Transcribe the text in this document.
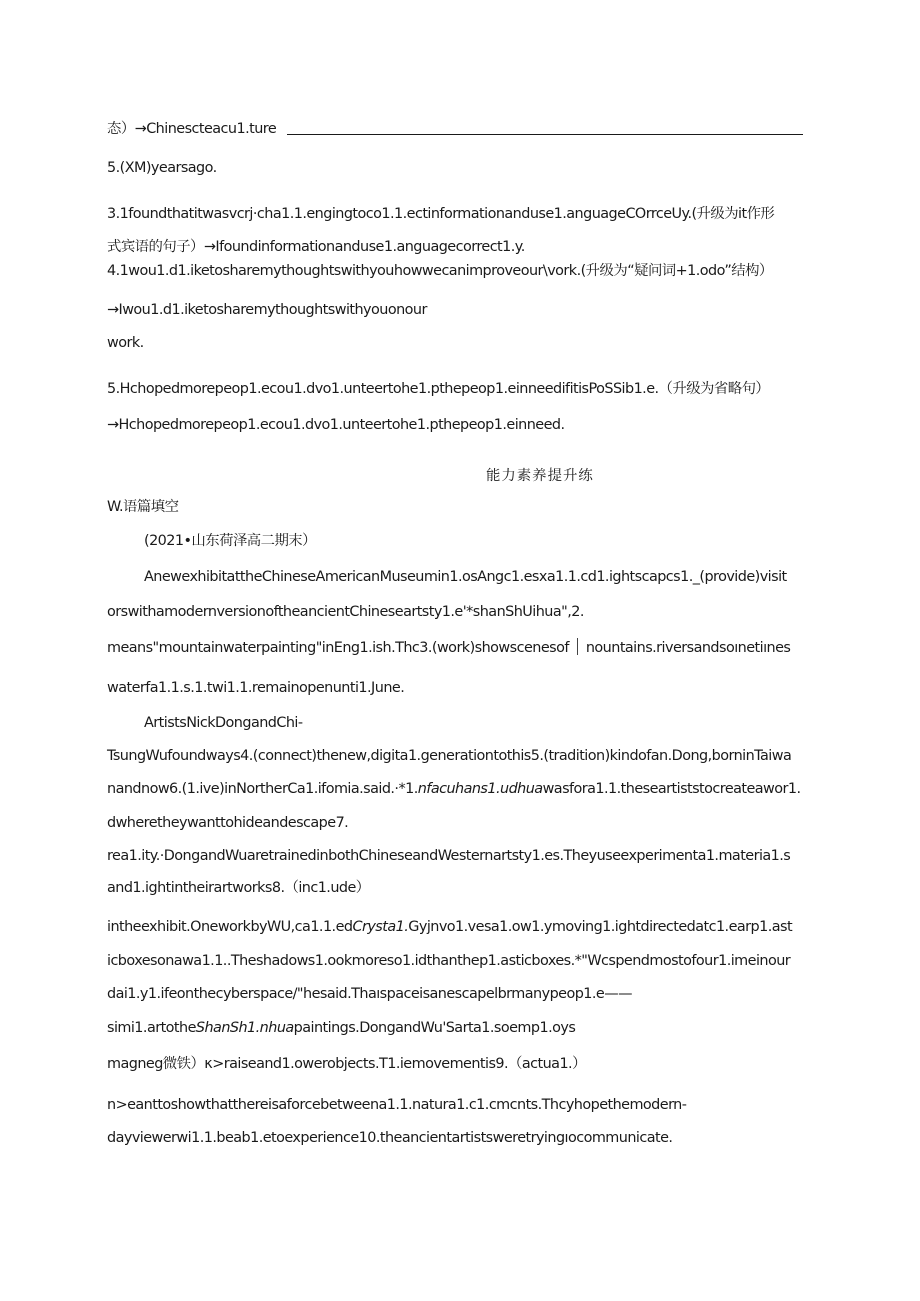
态）→Chinescteacu1.ture
5.(XM)yearsago.
3.1foundthatitwasvcrj·cha1.1.engingtoco1.1.ectinformationanduse1.anguageCOrrceUy.(升级为it作形
式宾语的句子）→Ifoundinformationanduse1.anguagecorrect1.y.
4.1wou1.d1.iketosharemythoughtswithyouhowwecanimproveour\vork.(升级为“疑问词+1.odo”结构）
→Iwou1.d1.iketosharemythoughtswithyouonour
work.
5.Hchopedmorepeop1.ecou1.dvo1.unteertohe1.pthepeop1.einneedifitisPoSSib1.e.（升级为省略句）
→Hchopedmorepeop1.ecou1.dvo1.unteertohe1.pthepeop1.einneed.
能力素养提升练
W.语篇填空
(2021•山东荷泽高二期末）
AnewexhibitattheChineseAmericanMuseumin1.osAngc1.esxa1.1.cd1.ightscapcs1._(provide)visit
orswithamodernversionoftheancientChineseartsty1.e'*shanShUihua",2.
means"mountainwaterpainting"inEng1.ish.Thc3.(work)showscenesof nountains.riversandsoınetiınes
waterfa1.1.s.1.twi1.1.remainopenunti1.June.
ArtistsNickDongandChi-
TsungWufoundways4.(connect)thenew,digita1.generationtothis5.(tradition)kindofan.Dong,borninTaiwa
nandnow6.(1.ive)inNortherCa1.ifomia.said.·*1.nfacuhans1.udhuawasfora1.1.theseartiststocreateawor1.
dwheretheywanttohideandescape7.
rea1.ity.·DongandWuaretrainedinbothChineseandWesternartsty1.es.Theyuseexperimenta1.materia1.s
and1.ightintheirartworks8.（inc1.ude）
intheexhibit.OneworkbyWU,ca1.1.edCrysta1.Gyjnvo1.vesa1.ow1.ymoving1.ightdirectedatc1.earp1.ast
icboxesonawa1.1..Theshadows1.ookmoreso1.idthanthep1.asticboxes.*"Wcspendmostofour1.imeinour
dai1.y1.ifeonthecyberspace/"hesaid.Thaıspaceisanescapelbrmanypeop1.e——
simi1.artotheShanSh1.nhuapaintings.DongandWu'Sarta1.soemp1.oys
magneg微铁）κ>raiseand1.owerobjects.T1.iemovementis9.（actua1.）
n>eanttoshowthatthereisaforcebetweena1.1.natura1.c1.cmcnts.Thcyhopethemodern-
dayviewerwi1.1.beab1.etoexperience10.theancientartistsweretryingıocommunicate.
